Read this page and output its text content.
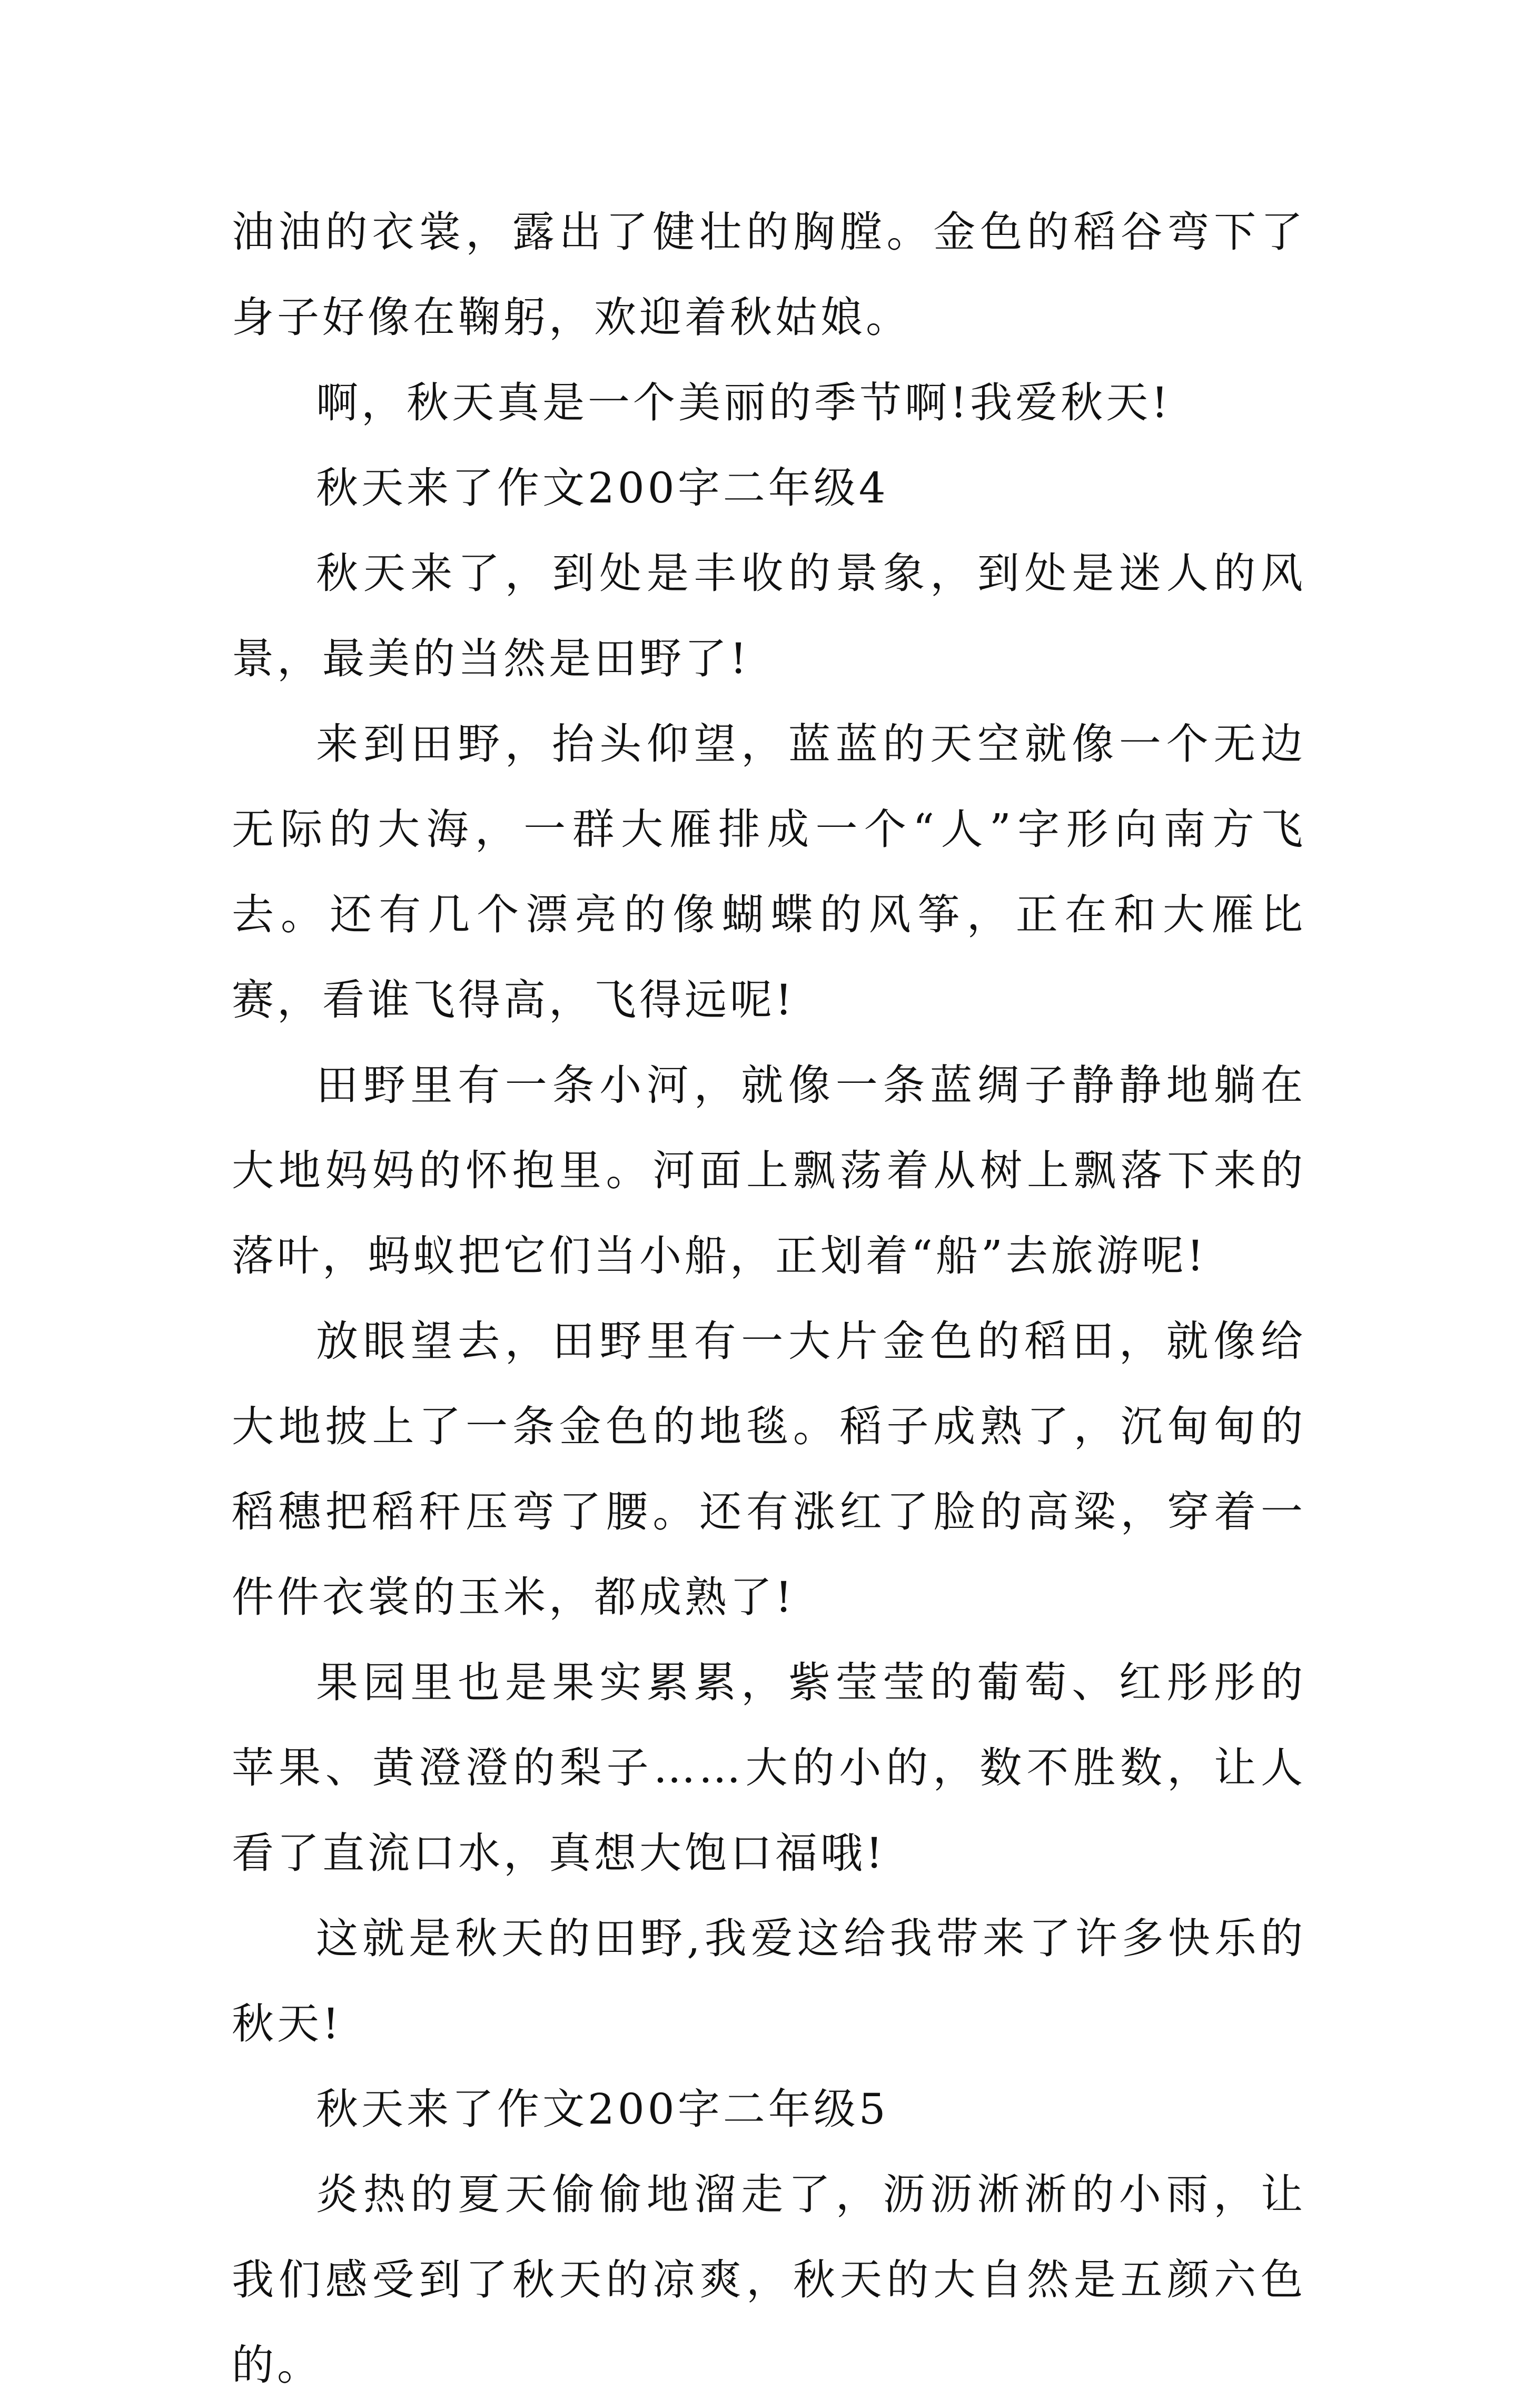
油油的衣裳，露出了健壮的胸膛。金色的稻谷弯下了身子好像在鞠躬，欢迎着秋姑娘。

啊，秋天真是一个美丽的季节啊!我爱秋天!

秋天来了作文200字二年级4

秋天来了，到处是丰收的景象，到处是迷人的风景，最美的当然是田野了!

来到田野，抬头仰望，蓝蓝的天空就像一个无边无际的大海，一群大雁排成一个“人”字形向南方飞去。还有几个漂亮的像蝴蝶的风筝，正在和大雁比赛，看谁飞得高，飞得远呢!

田野里有一条小河，就像一条蓝绸子静静地躺在大地妈妈的怀抱里。河面上飘荡着从树上飘落下来的落叶，蚂蚁把它们当小船，正划着“船”去旅游呢!

放眼望去，田野里有一大片金色的稻田，就像给大地披上了一条金色的地毯。稻子成熟了，沉甸甸的稻穗把稻秆压弯了腰。还有涨红了脸的高粱，穿着一件件衣裳的玉米，都成熟了!

果园里也是果实累累，紫莹莹的葡萄、红彤彤的苹果、黄澄澄的梨子……大的小的，数不胜数，让人看了直流口水，真想大饱口福哦!

这就是秋天的田野,我爱这给我带来了许多快乐的秋天!

秋天来了作文200字二年级5

炎热的夏天偷偷地溜走了，沥沥淅淅的小雨，让我们感受到了秋天的凉爽，秋天的大自然是五颜六色的。
